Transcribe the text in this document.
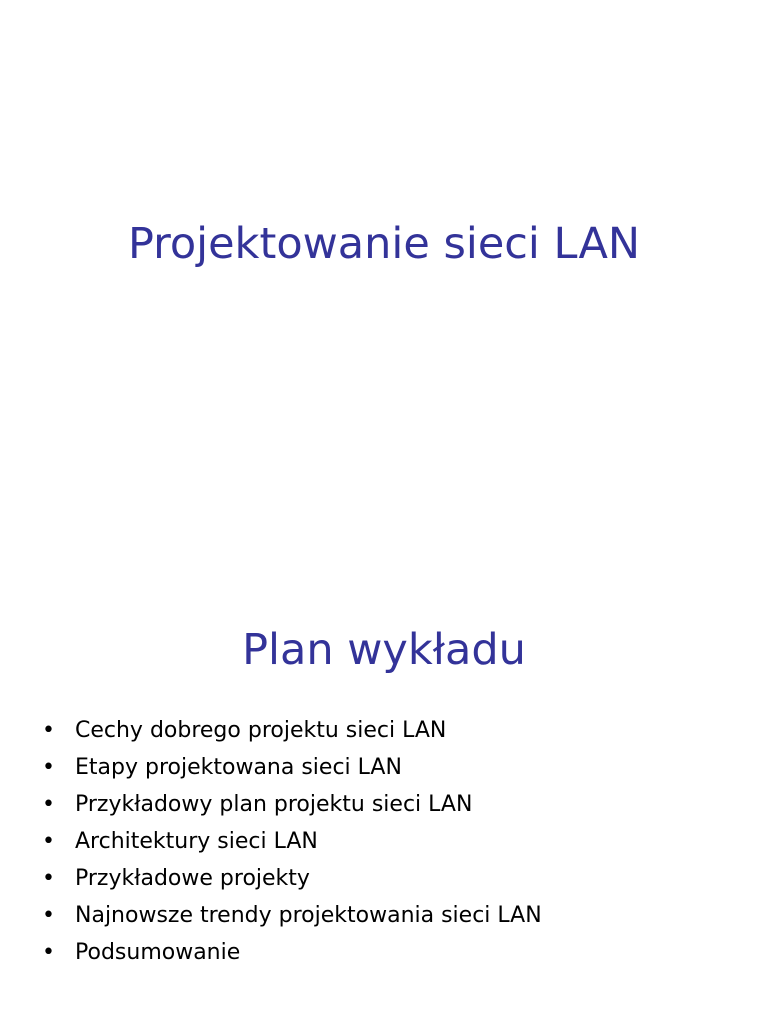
Projektowanie sieci LAN
Plan wykładu
• Cechy dobrego projektu sieci LAN
• Etapy projektowana sieci LAN
• Przykładowy plan projektu sieci LAN
• Architektury sieci LAN
• Przykładowe projekty
• Najnowsze trendy projektowania sieci LAN
• Podsumowanie
